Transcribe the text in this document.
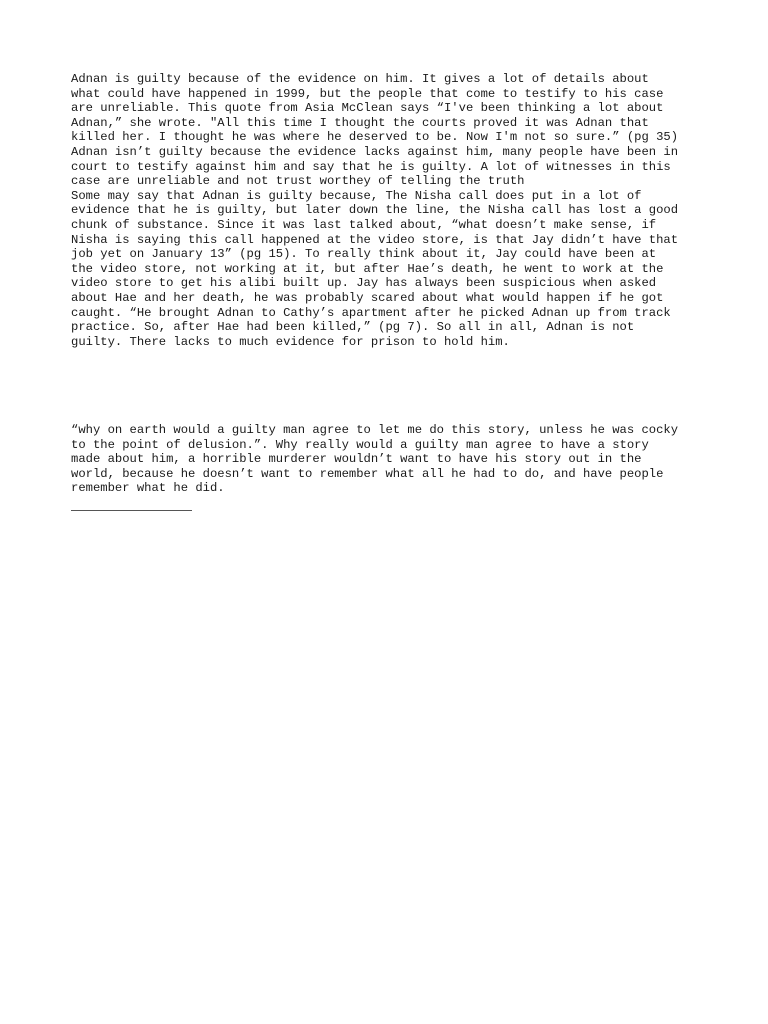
Adnan is guilty because of the evidence on him. It gives a lot of details about

what could have happened in 1999, but the people that come to testify to his case

are unreliable. This quote from Asia McClean says “I've been thinking a lot about

Adnan,” she wrote. "All this time I thought the courts proved it was Adnan that

killed her. I thought he was where he deserved to be. Now I'm not so sure.” (pg 35)

Adnan isn’t guilty because the evidence lacks against him, many people have been in

court to testify against him and say that he is guilty. A lot of witnesses in this

case are unreliable and not trust worthey of telling the truth

Some may say that Adnan is guilty because, The Nisha call does put in a lot of

evidence that he is guilty, but later down the line, the Nisha call has lost a good

chunk of substance. Since it was last talked about, “what doesn’t make sense, if

Nisha is saying this call happened at the video store, is that Jay didn’t have that

job yet on January 13” (pg 15). To really think about it, Jay could have been at

the video store, not working at it, but after Hae’s death, he went to work at the

video store to get his alibi built up. Jay has always been suspicious when asked

about Hae and her death, he was probably scared about what would happen if he got

caught. “He brought Adnan to Cathy’s apartment after he picked Adnan up from track

practice. So, after Hae had been killed,” (pg 7). So all in all, Adnan is not

guilty. There lacks to much evidence for prison to hold him.

“why on earth would a guilty man agree to let me do this story, unless he was cocky

to the point of delusion.”. Why really would a guilty man agree to have a story

made about him, a horrible murderer wouldn’t want to have his story out in the

world, because he doesn’t want to remember what all he had to do, and have people

remember what he did.
